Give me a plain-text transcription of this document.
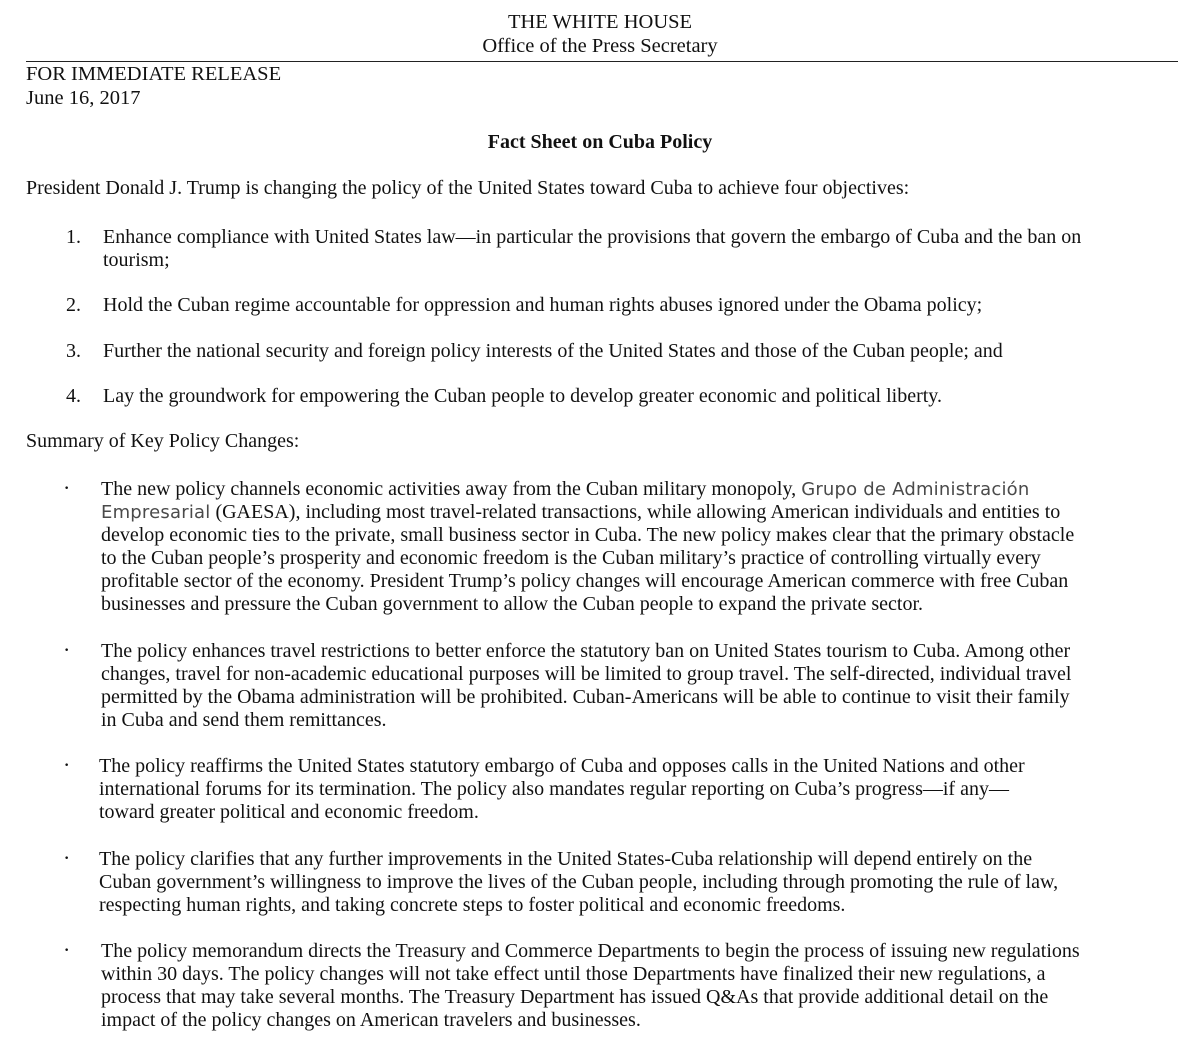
THE WHITE HOUSE
Office of the Press Secretary
FOR IMMEDIATE RELEASE
June 16, 2017
Fact Sheet on Cuba Policy
President Donald J. Trump is changing the policy of the United States toward Cuba to achieve four objectives:
1. Enhance compliance with United States law—in particular the provisions that govern the embargo of Cuba and the ban on
tourism;
2. Hold the Cuban regime accountable for oppression and human rights abuses ignored under the Obama policy;
3. Further the national security and foreign policy interests of the United States and those of the Cuban people; and
4. Lay the groundwork for empowering the Cuban people to develop greater economic and political liberty.
Summary of Key Policy Changes:
· The new policy channels economic activities away from the Cuban military monopoly, Grupo de Administración
Empresarial (GAESA), including most travel-related transactions, while allowing American individuals and entities to
develop economic ties to the private, small business sector in Cuba. The new policy makes clear that the primary obstacle
to the Cuban people’s prosperity and economic freedom is the Cuban military’s practice of controlling virtually every
profitable sector of the economy. President Trump’s policy changes will encourage American commerce with free Cuban
businesses and pressure the Cuban government to allow the Cuban people to expand the private sector.
· The policy enhances travel restrictions to better enforce the statutory ban on United States tourism to Cuba. Among other
changes, travel for non-academic educational purposes will be limited to group travel. The self-directed, individual travel
permitted by the Obama administration will be prohibited. Cuban-Americans will be able to continue to visit their family
in Cuba and send them remittances.
· The policy reaffirms the United States statutory embargo of Cuba and opposes calls in the United Nations and other
international forums for its termination. The policy also mandates regular reporting on Cuba’s progress—if any—
toward greater political and economic freedom.
· The policy clarifies that any further improvements in the United States-Cuba relationship will depend entirely on the
Cuban government’s willingness to improve the lives of the Cuban people, including through promoting the rule of law,
respecting human rights, and taking concrete steps to foster political and economic freedoms.
· The policy memorandum directs the Treasury and Commerce Departments to begin the process of issuing new regulations
within 30 days. The policy changes will not take effect until those Departments have finalized their new regulations, a
process that may take several months. The Treasury Department has issued Q&As that provide additional detail on the
impact of the policy changes on American travelers and businesses.
